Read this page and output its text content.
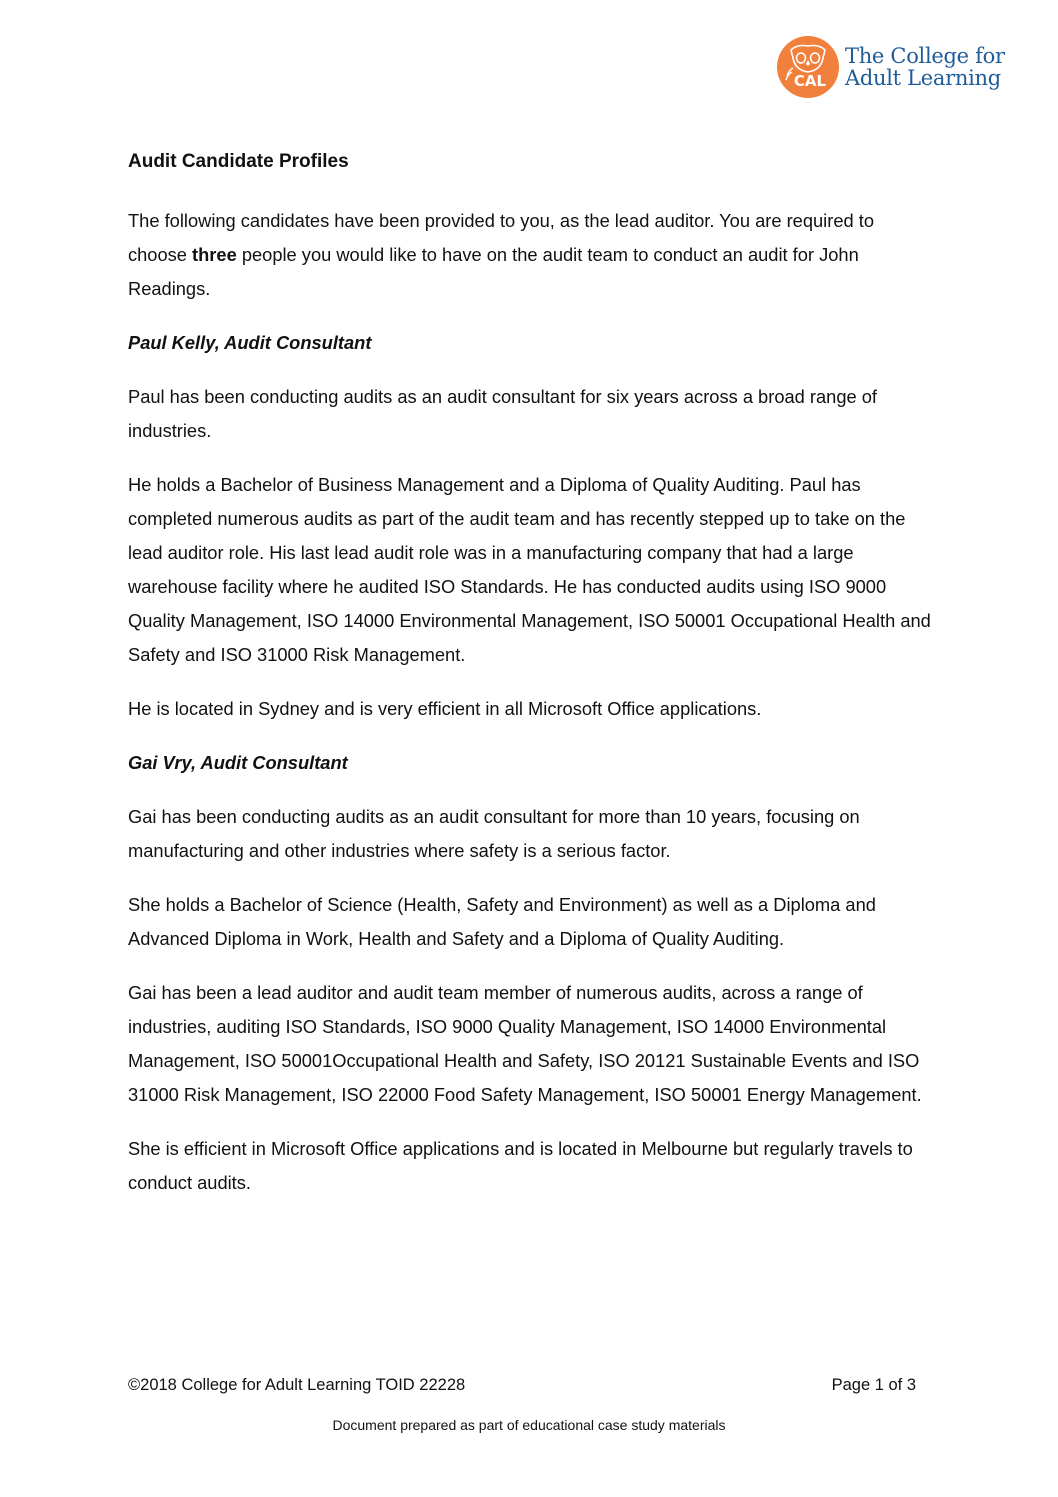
CAL
The College for
Adult Learning
Audit Candidate Profiles

The following candidates have been provided to you, as the lead auditor. You are required to choose three people you would like to have on the audit team to conduct an audit for John Readings.

Paul Kelly, Audit Consultant

Paul has been conducting audits as an audit consultant for six years across a broad range of industries.

He holds a Bachelor of Business Management and a Diploma of Quality Auditing. Paul has completed numerous audits as part of the audit team and has recently stepped up to take on the lead auditor role. His last lead audit role was in a manufacturing company that had a large warehouse facility where he audited ISO Standards. He has conducted audits using ISO 9000 Quality Management, ISO 14000 Environmental Management, ISO 50001 Occupational Health and Safety and ISO 31000 Risk Management.

He is located in Sydney and is very efficient in all Microsoft Office applications.

Gai Vry, Audit Consultant

Gai has been conducting audits as an audit consultant for more than 10 years, focusing on manufacturing and other industries where safety is a serious factor.

She holds a Bachelor of Science (Health, Safety and Environment) as well as a Diploma and Advanced Diploma in Work, Health and Safety and a Diploma of Quality Auditing.

Gai has been a lead auditor and audit team member of numerous audits, across a range of industries, auditing ISO Standards, ISO 9000 Quality Management, ISO 14000 Environmental Management, ISO 50001Occupational Health and Safety, ISO 20121 Sustainable Events and ISO 31000 Risk Management, ISO 22000 Food Safety Management, ISO 50001 Energy Management.

She is efficient in Microsoft Office applications and is located in Melbourne but regularly travels to conduct audits.

©2018 College for Adult Learning TOID 22228	Page 1 of 3
Document prepared as part of educational case study materials
